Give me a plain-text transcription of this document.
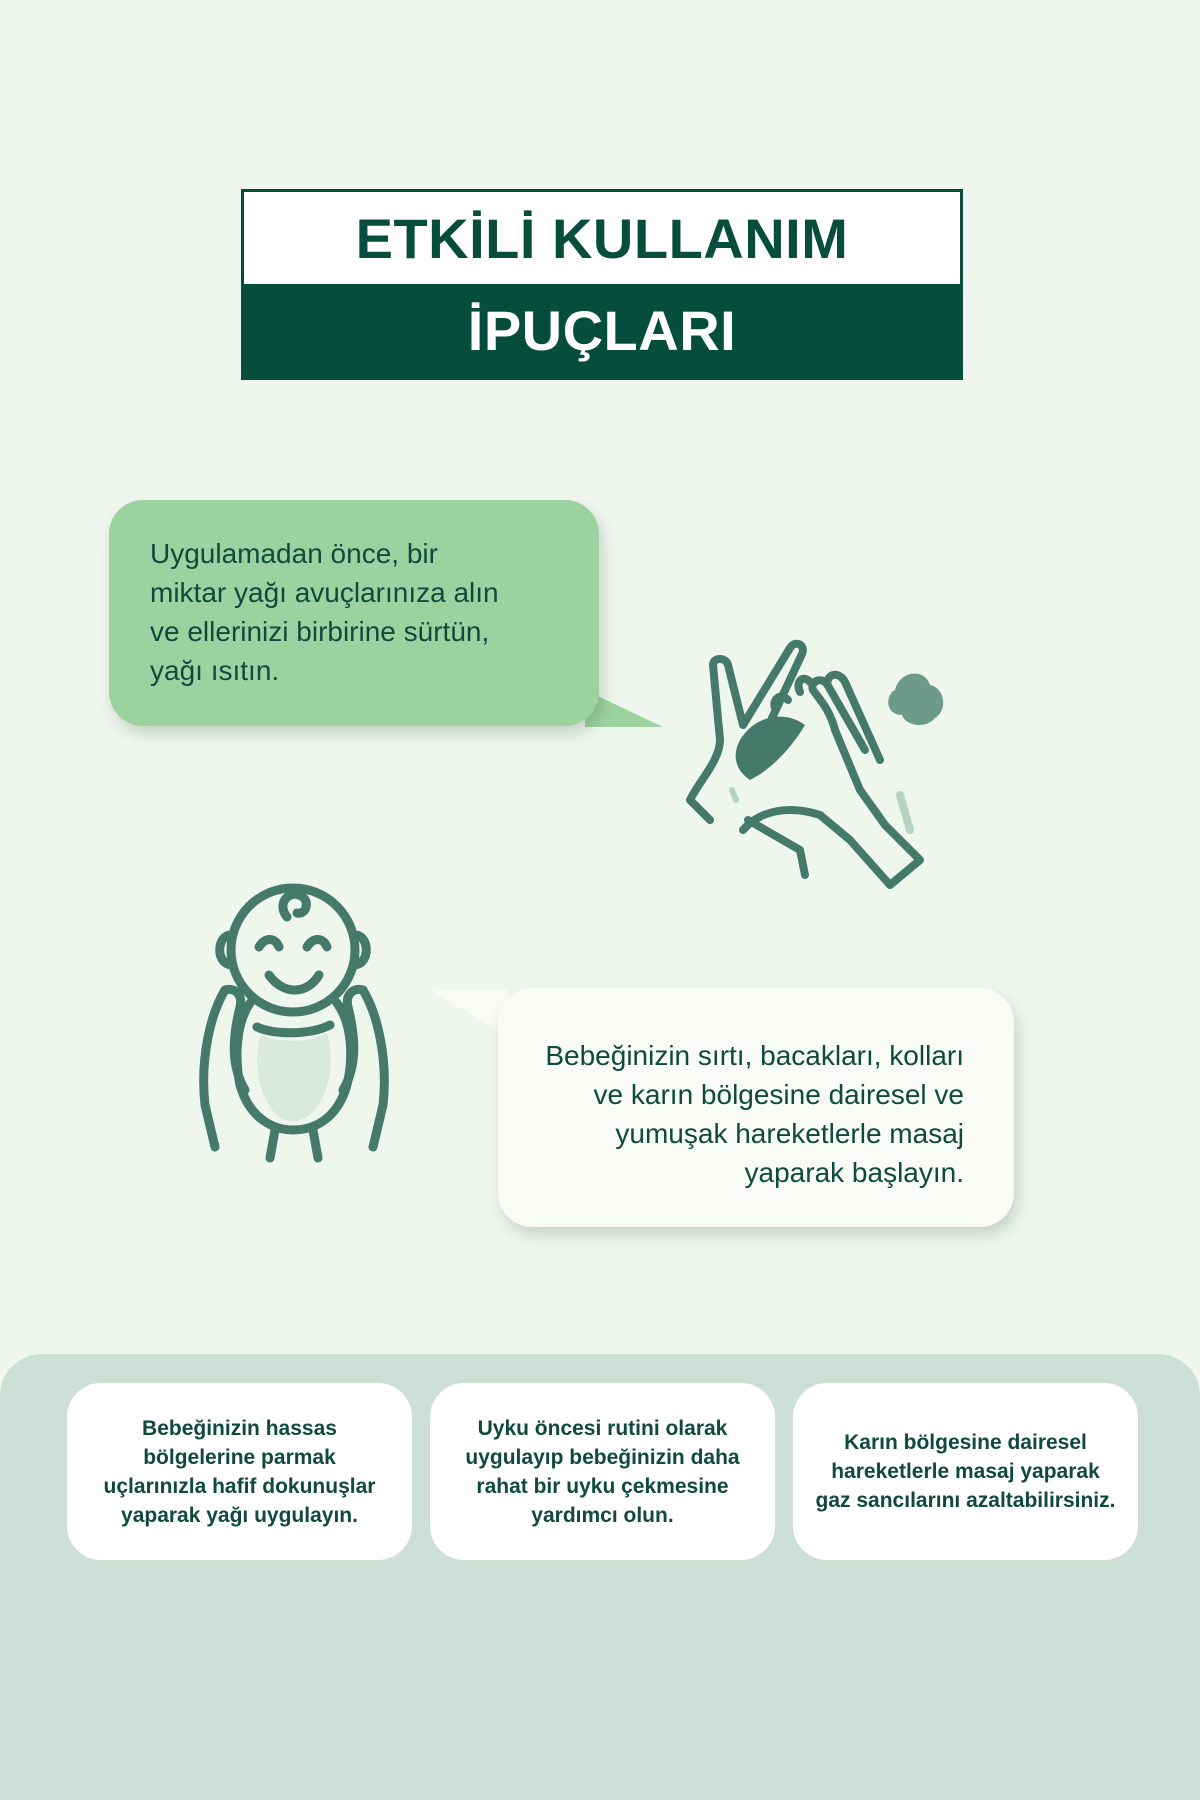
ETKİLİ KULLANIM
İPUÇLARI
Uygulamadan önce, bir
miktar yağı avuçlarınıza alın
ve ellerinizi birbirine sürtün,
yağı ısıtın.
Bebeğinizin sırtı, bacakları, kolları
ve karın bölgesine dairesel ve
yumuşak hareketlerle masaj
yaparak başlayın.
Bebeğinizin hassas
bölgelerine parmak
uçlarınızla hafif dokunuşlar
yaparak yağı uygulayın.
Uyku öncesi rutini olarak
uygulayıp bebeğinizin daha
rahat bir uyku çekmesine
yardımcı olun.
Karın bölgesine dairesel
hareketlerle masaj yaparak
gaz sancılarını azaltabilirsiniz.
